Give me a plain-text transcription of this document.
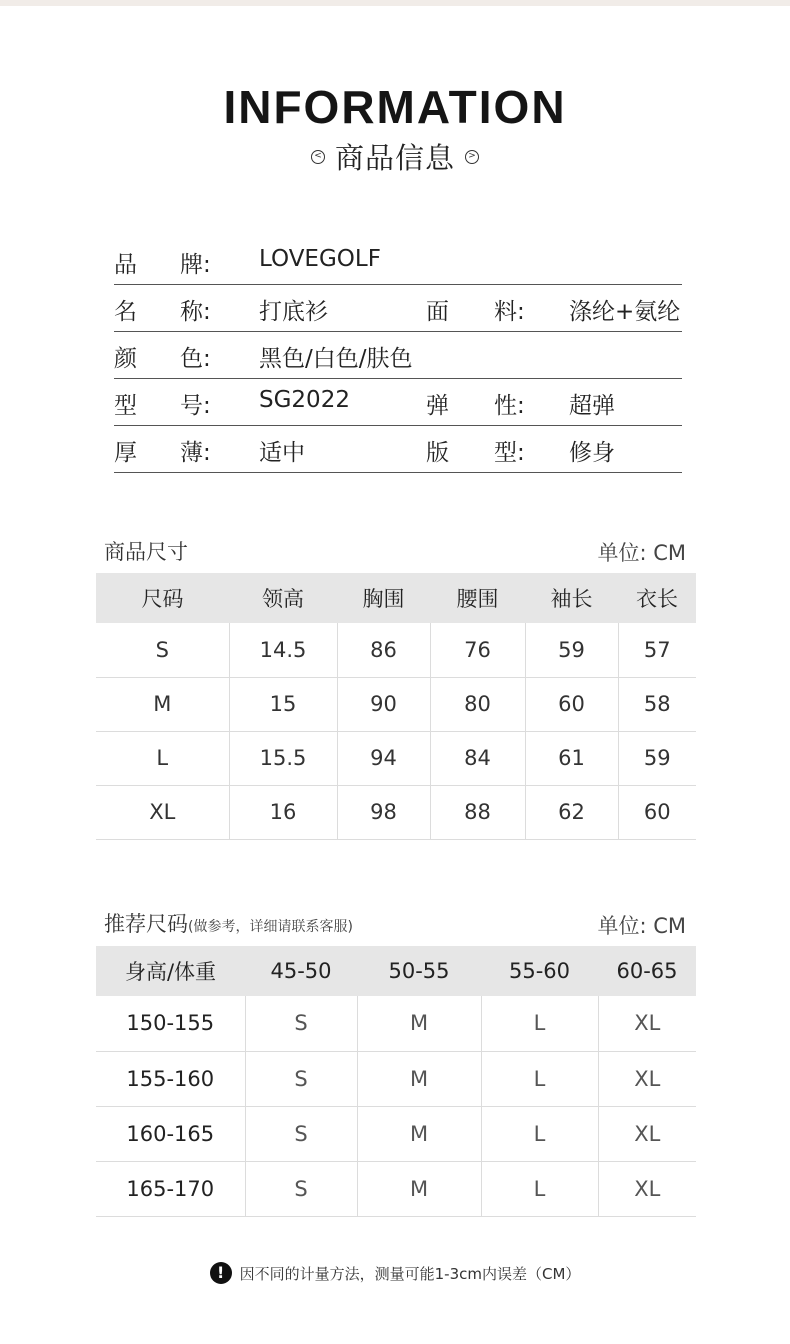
INFORMATION
< 商品信息	>
品 牌: LOVEGOLF
名 称: 打底衫	面 料: 涤纶+氨纶
颜 色: 黑色/白色/肤色
型 号: SG2022	弹 性: 超弹
厚 薄: 适中	版 型: 修身
商品尺寸	单位: CM
尺码	领高	胸围	腰围	袖长	衣长
S	14.5	86	76	59	57
M	15	90	80	60	58
L	15.5	94	84	61	59
XL	16	98	88	62	60
推荐尺码(做参考，详细请联系客服)	单位: CM
身高/体重	45-50	50-55	55-60	60-65
150-155	S	M	L	XL
155-160	S	M	L	XL
160-165	S	M	L	XL
165-170	S	M	L	XL
!	因不同的计量方法，测量可能1-3cm内误差（CM）
